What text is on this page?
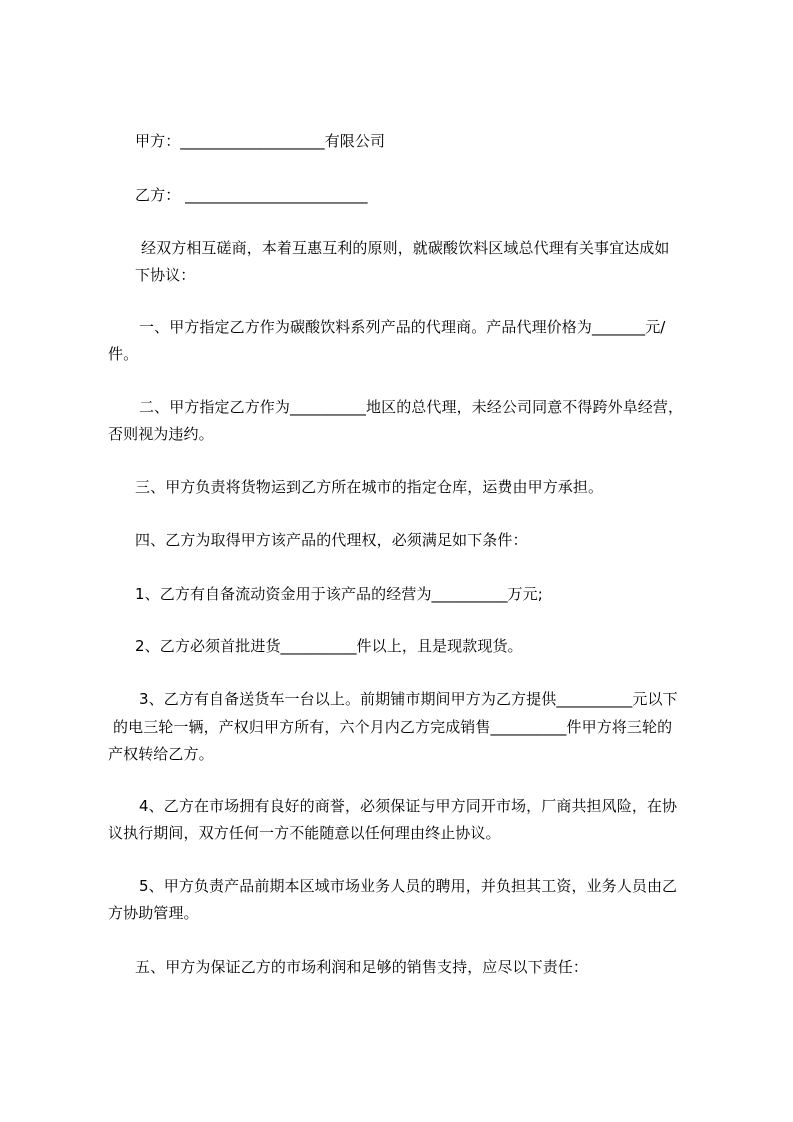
甲方：___________________有限公司
乙方： ________________________
经双方相互磋商，本着互惠互利的原则，就碳酸饮料区域总代理有关事宜达成如
下协议：
一、甲方指定乙方作为碳酸饮料系列产品的代理商。产品代理价格为_______元/
件。
二、甲方指定乙方作为__________地区的总代理，未经公司同意不得跨外阜经营，
否则视为违约。
三、甲方负责将货物运到乙方所在城市的指定仓库，运费由甲方承担。
四、乙方为取得甲方该产品的代理权，必须满足如下条件：
1、乙方有自备流动资金用于该产品的经营为__________万元;
2、乙方必须首批进货__________件以上，且是现款现货。
3、乙方有自备送货车一台以上。前期铺市期间甲方为乙方提供__________元以下
的电三轮一辆，产权归甲方所有，六个月内乙方完成销售__________件甲方将三轮的
产权转给乙方。
4、乙方在市场拥有良好的商誉，必须保证与甲方同开市场，厂商共担风险，在协
议执行期间，双方任何一方不能随意以任何理由终止协议。
5、甲方负责产品前期本区域市场业务人员的聘用，并负担其工资，业务人员由乙
方协助管理。
五、甲方为保证乙方的市场利润和足够的销售支持，应尽以下责任：
